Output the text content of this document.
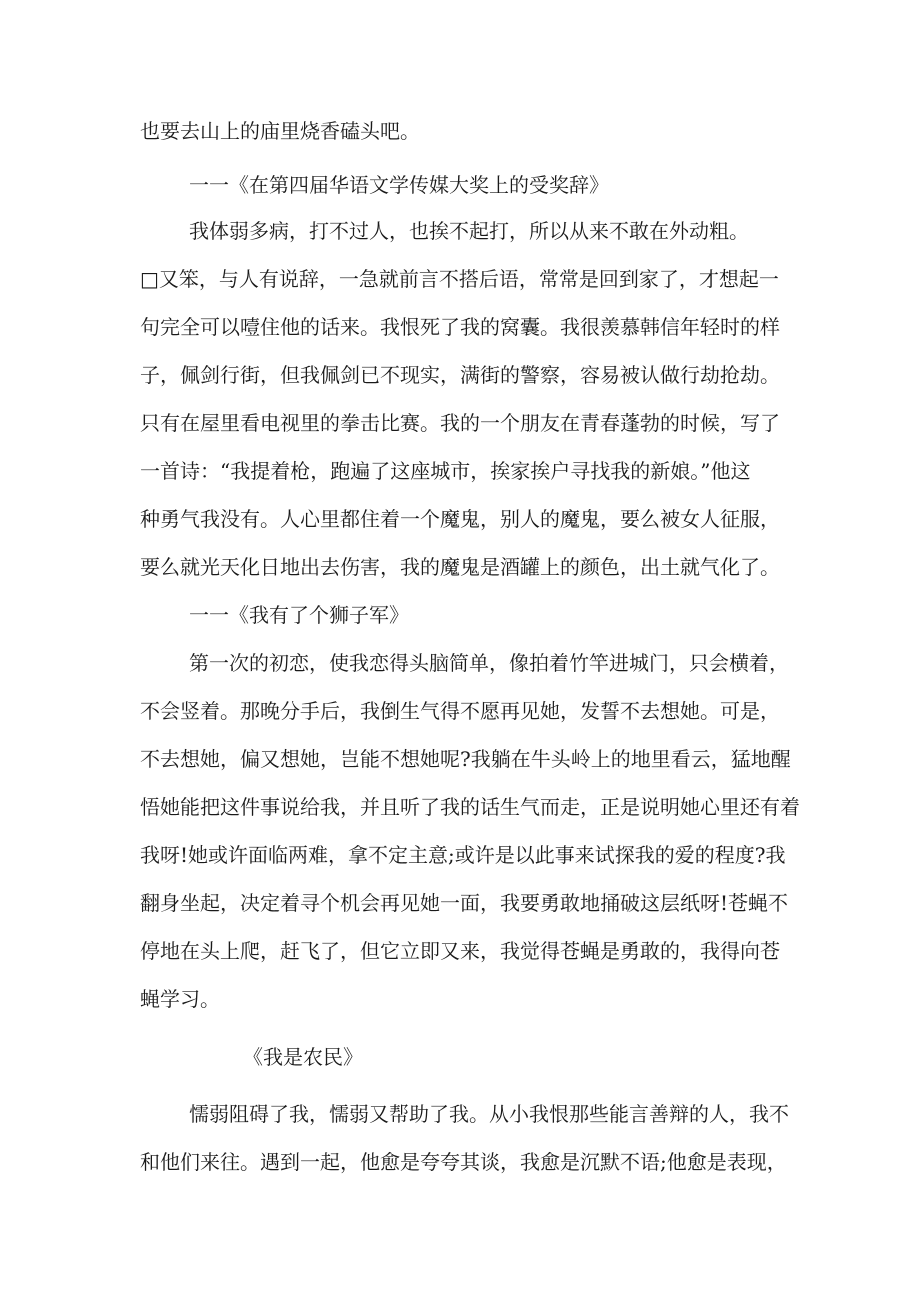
也要去山上的庙里烧香磕头吧。

一一《在第四届华语文学传媒大奖上的受奖辞》

我体弱多病，打不过人，也挨不起打，所以从来不敢在外动粗。

□又笨，与人有说辞，一急就前言不搭后语，常常是回到家了，才想起一

句完全可以噎住他的话来。我恨死了我的窝囊。我很羡慕韩信年轻时的样

子，佩剑行街，但我佩剑已不现实，满街的警察，容易被认做行劫抢劫。

只有在屋里看电视里的拳击比赛。我的一个朋友在青春蓬勃的时候，写了

一首诗：“我提着枪，跑遍了这座城市，挨家挨户寻找我的新娘。”他这

种勇气我没有。人心里都住着一个魔鬼，别人的魔鬼，要么被女人征服，

要么就光天化日地出去伤害，我的魔鬼是酒罐上的颜色，出土就气化了。

一一《我有了个狮子军》

第一次的初恋，使我恋得头脑简单，像拍着竹竿进城门，只会横着，

不会竖着。那晚分手后，我倒生气得不愿再见她，发誓不去想她。可是，

不去想她，偏又想她，岂能不想她呢?我躺在牛头岭上的地里看云，猛地醒

悟她能把这件事说给我，并且听了我的话生气而走，正是说明她心里还有着

我呀!她或许面临两难，拿不定主意;或许是以此事来试探我的爱的程度?我

翻身坐起，决定着寻个机会再见她一面，我要勇敢地捅破这层纸呀!苍蝇不

停地在头上爬，赶飞了，但它立即又来，我觉得苍蝇是勇敢的，我得向苍

蝇学习。

《我是农民》

懦弱阻碍了我，懦弱又帮助了我。从小我恨那些能言善辩的人，我不

和他们来往。遇到一起，他愈是夸夸其谈，我愈是沉默不语;他愈是表现，
